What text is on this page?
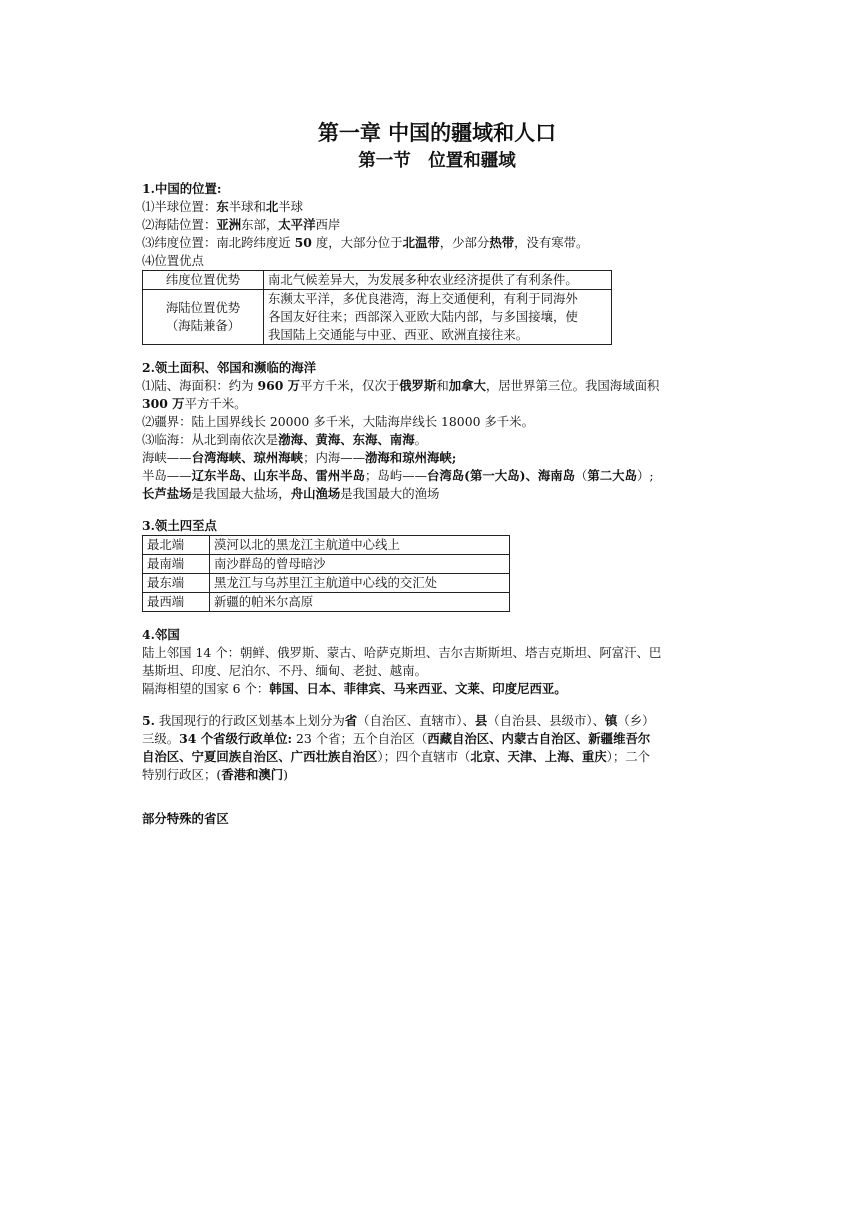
第一章 中国的疆域和人口
第一节　位置和疆域

1.中国的位置:

⑴半球位置：东半球和北半球

⑵海陆位置：亚洲东部，太平洋西岸

⑶纬度位置：南北跨纬度近 50 度，大部分位于北温带，少部分热带，没有寒带。

⑷位置优点

纬度位置优势	南北气候差异大，为发展多种农业经济提供了有利条件。
海陆位置优势
（海陆兼备）	东濒太平洋，多优良港湾，海上交通便利，有利于同海外
各国友好往来；西部深入亚欧大陆内部，与多国接壤，使
我国陆上交通能与中亚、西亚、欧洲直接往来。

2.领土面积、邻国和濒临的海洋

⑴陆、海面积：约为 960 万平方千米，仅次于俄罗斯和加拿大，居世界第三位。我国海域面积
300 万平方千米。

⑵疆界：陆上国界线长 20000 多千米，大陆海岸线长 18000 多千米。

⑶临海：从北到南依次是渤海、黄海、东海、南海。

海峡——台湾海峡、琼州海峡；内海——渤海和琼州海峡;

半岛——辽东半岛、山东半岛、雷州半岛；岛屿——台湾岛(第一大岛)、海南岛（第二大岛）;

长芦盐场是我国最大盐场，舟山渔场是我国最大的渔场

3.领土四至点

最北端	漠河以北的黑龙江主航道中心线上
最南端	南沙群岛的曾母暗沙
最东端	黑龙江与乌苏里江主航道中心线的交汇处
最西端	新疆的帕米尔高原

4.邻国

陆上邻国 14 个：朝鲜、俄罗斯、蒙古、哈萨克斯坦、吉尔吉斯斯坦、塔吉克斯坦、阿富汗、巴

基斯坦、印度、尼泊尔、不丹、缅甸、老挝、越南。

隔海相望的国家 6 个：韩国、日本、菲律宾、马来西亚、文莱、印度尼西亚。

5. 我国现行的行政区划基本上划分为省（自治区、直辖市）、县（自治县、县级市）、镇（乡）

三级。34 个省级行政单位: 23 个省；五个自治区（西藏自治区、内蒙古自治区、新疆维吾尔

自治区、宁夏回族自治区、广西壮族自治区）；四个直辖市（北京、天津、上海、重庆）；二个

特别行政区；(香港和澳门)

部分特殊的省区
